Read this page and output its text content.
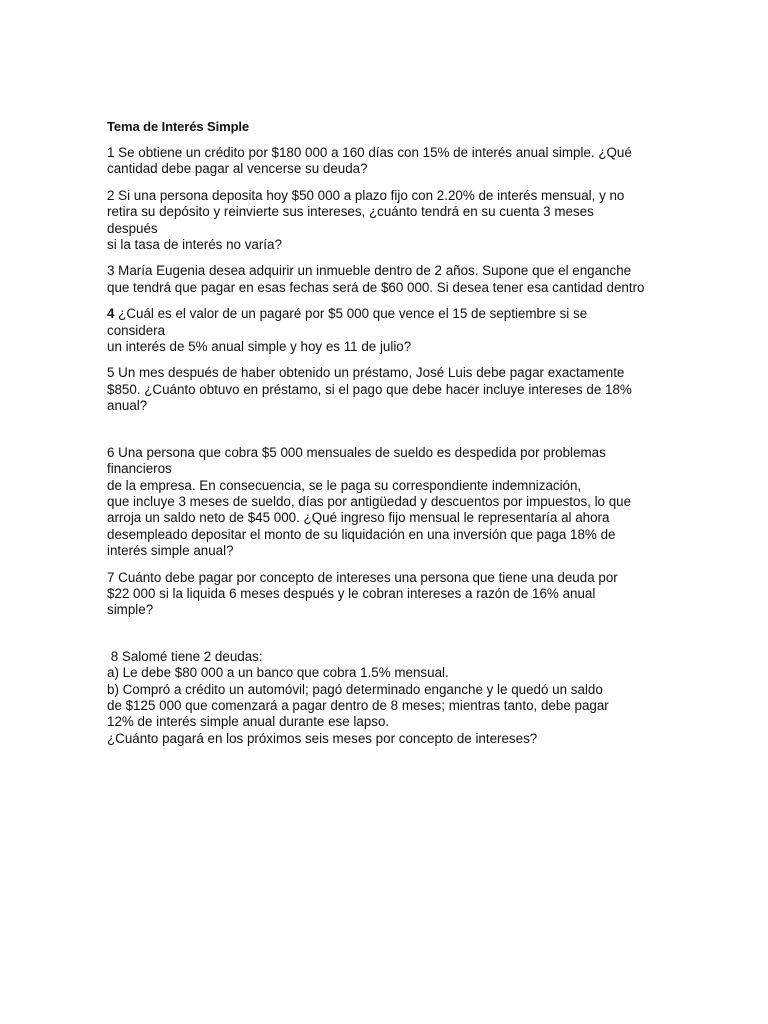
Tema de Interés Simple
1 Se obtiene un crédito por $180 000 a 160 días con 15% de interés anual simple. ¿Qué
cantidad debe pagar al vencerse su deuda?
2 Si una persona deposita hoy $50 000 a plazo fijo con 2.20% de interés mensual, y no
retira su depósito y reinvierte sus intereses, ¿cuánto tendrá en su cuenta 3 meses
después
si la tasa de interés no varía?
3 María Eugenia desea adquirir un inmueble dentro de 2 años. Supone que el enganche
que tendrá que pagar en esas fechas será de $60 000. Si desea tener esa cantidad dentro
4 ¿Cuál es el valor de un pagaré por $5 000 que vence el 15 de septiembre si se
considera
un interés de 5% anual simple y hoy es 11 de julio?
5 Un mes después de haber obtenido un préstamo, José Luis debe pagar exactamente
$850. ¿Cuánto obtuvo en préstamo, si el pago que debe hacer incluye intereses de 18%
anual?
6 Una persona que cobra $5 000 mensuales de sueldo es despedida por problemas
financieros
de la empresa. En consecuencia, se le paga su correspondiente indemnización,
que incluye 3 meses de sueldo, días por antigüedad y descuentos por impuestos, lo que
arroja un saldo neto de $45 000. ¿Qué ingreso fijo mensual le representaría al ahora
desempleado depositar el monto de su liquidación en una inversión que paga 18% de
interés simple anual?
7 Cuánto debe pagar por concepto de intereses una persona que tiene una deuda por
$22 000 si la liquida 6 meses después y le cobran intereses a razón de 16% anual
simple?
8 Salomé tiene 2 deudas:
a) Le debe $80 000 a un banco que cobra 1.5% mensual.
b) Compró a crédito un automóvil; pagó determinado enganche y le quedó un saldo
de $125 000 que comenzará a pagar dentro de 8 meses; mientras tanto, debe pagar
12% de interés simple anual durante ese lapso.
¿Cuánto pagará en los próximos seis meses por concepto de intereses?
